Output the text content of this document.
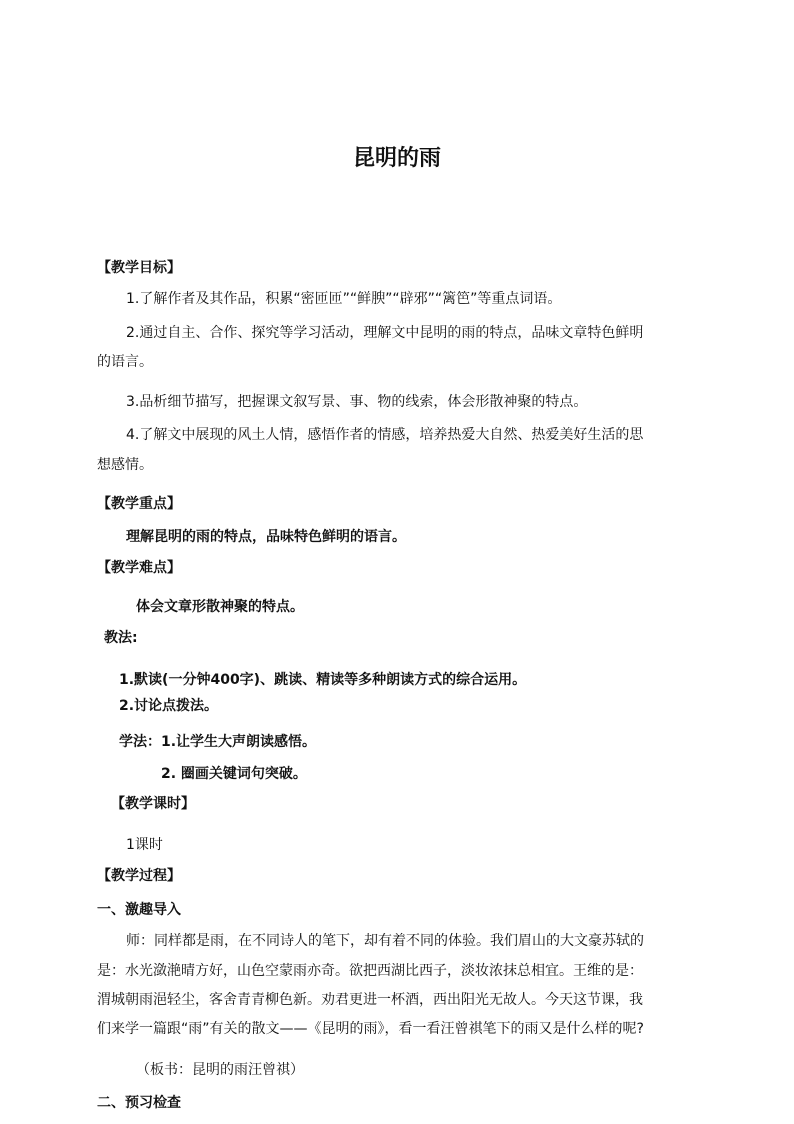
昆明的雨
【教学目标】
1.了解作者及其作品，积累“密匝匝”“鲜腴”“辟邪”“篱笆”等重点词语。
2.通过自主、合作、探究等学习活动，理解文中昆明的雨的特点，品味文章特色鲜明
的语言。
3.品析细节描写，把握课文叙写景、事、物的线索，体会形散神聚的特点。
4.了解文中展现的风土人情，感悟作者的情感，培养热爱大自然、热爱美好生活的思
想感情。
【教学重点】
理解昆明的雨的特点，品味特色鲜明的语言。
【教学难点】
体会文章形散神聚的特点。
教法:
1.默读(一分钟400字)、跳读、精读等多种朗读方式的综合运用。
2.讨论点拨法。
学法：1.让学生大声朗读感悟。
2. 圈画关键词句突破。
【教学课时】
1课时
【教学过程】
一、激趣导入
师：同样都是雨，在不同诗人的笔下，却有着不同的体验。我们眉山的大文豪苏轼的
是：水光潋滟晴方好，山色空蒙雨亦奇。欲把西湖比西子，淡妆浓抹总相宜。王维的是：
渭城朝雨浥轻尘，客舍青青柳色新。劝君更进一杯酒，西出阳光无故人。今天这节课，我
们来学一篇跟“雨”有关的散文——《昆明的雨》，看一看汪曾祺笔下的雨又是什么样的呢?
（板书：昆明的雨汪曾祺）
二、预习检查
